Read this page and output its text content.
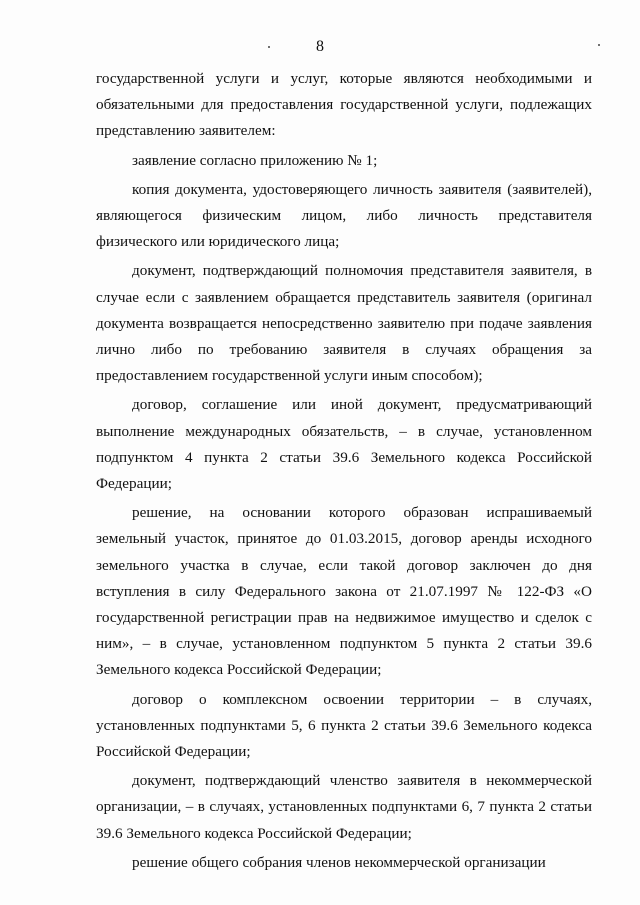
8

государственной услуги и услуг, которые являются необходимыми и обязательными для предоставления государственной услуги, подлежащих представлению заявителем:

заявление согласно приложению № 1;

копия документа, удостоверяющего личность заявителя (заявителей), являющегося физическим лицом, либо личность представителя физического или юридического лица;

документ, подтверждающий полномочия представителя заявителя, в случае если с заявлением обращается представитель заявителя (оригинал документа возвращается непосредственно заявителю при подаче заявления лично либо по требованию заявителя в случаях обращения за предоставлением государственной услуги иным способом);

договор, соглашение или иной документ, предусматривающий выполнение международных обязательств, – в случае, установленном подпунктом 4 пункта 2 статьи 39.6 Земельного кодекса Российской Федерации;

решение, на основании которого образован испрашиваемый земельный участок, принятое до 01.03.2015, договор аренды исходного земельного участка в случае, если такой договор заключен до дня вступления в силу Федерального закона от 21.07.1997 № 122-ФЗ «О государственной регистрации прав на недвижимое имущество и сделок с ним», – в случае, установленном подпунктом 5 пункта 2 статьи 39.6 Земельного кодекса Российской Федерации;

договор о комплексном освоении территории – в случаях, установленных подпунктами 5, 6 пункта 2 статьи 39.6 Земельного кодекса Российской Федерации;

документ, подтверждающий членство заявителя в некоммерческой организации, – в случаях, установленных подпунктами 6, 7 пункта 2 статьи 39.6 Земельного кодекса Российской Федерации;

решение общего собрания членов некоммерческой организации
